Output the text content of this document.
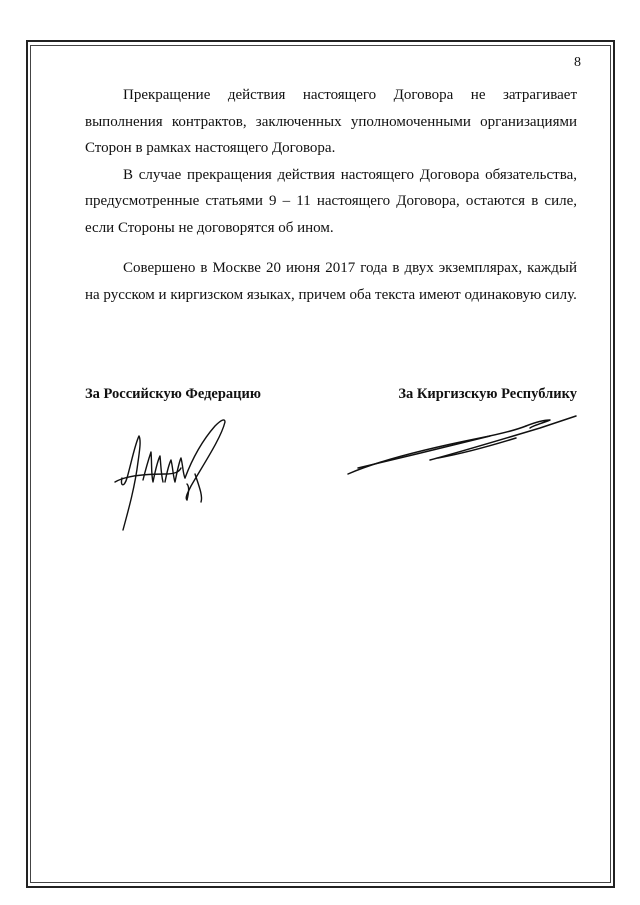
8

Прекращение действия настоящего Договора не затрагивает выполнения контрактов, заключенных уполномоченными организациями Сторон в рамках настоящего Договора.

В случае прекращения действия настоящего Договора обязательства, предусмотренные статьями 9 – 11 настоящего Договора, остаются в силе, если Стороны не договорятся об ином.

Совершено в Москве 20 июня 2017 года в двух экземплярах, каждый на русском и киргизском языках, причем оба текста имеют одинаковую силу.

За Российскую Федерацию	За Киргизскую Республику
